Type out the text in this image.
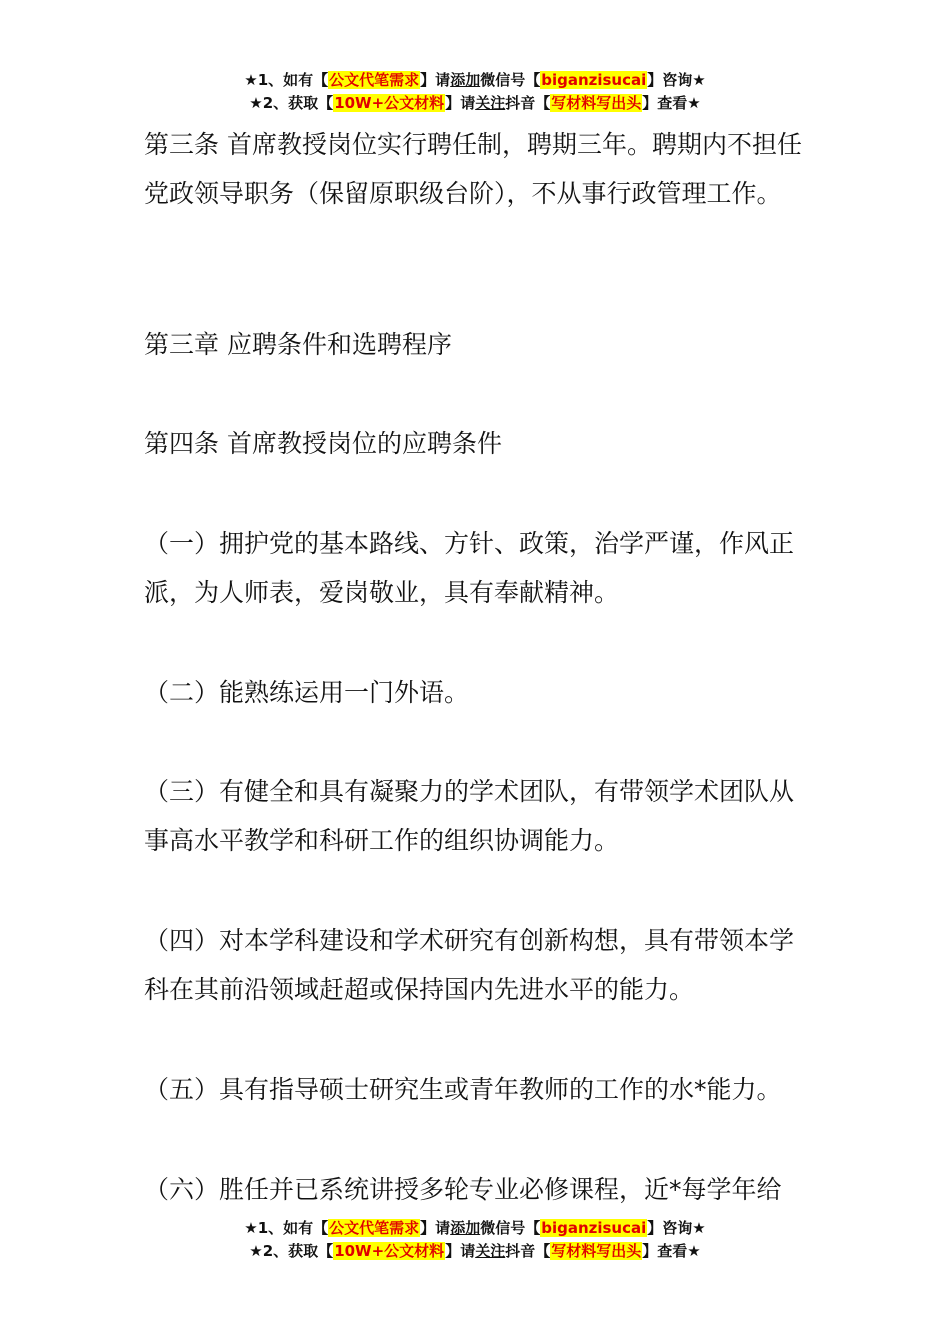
★1、如有【公文代笔需求】请添加微信号【biganzisucai】咨询★
★2、获取【10W+公文材料】请关注抖音【写材料写出头】查看★

第三条 首席教授岗位实行聘任制，聘期三年。聘期内不担任党政领导职务（保留原职级台阶），不从事行政管理工作。

第三章 应聘条件和选聘程序

第四条 首席教授岗位的应聘条件

（一）拥护党的基本路线、方针、政策，治学严谨，作风正派，为人师表，爱岗敬业，具有奉献精神。

（二）能熟练运用一门外语。

（三）有健全和具有凝聚力的学术团队，有带领学术团队从事高水平教学和科研工作的组织协调能力。

（四）对本学科建设和学术研究有创新构想，具有带领本学科在其前沿领域赶超或保持国内先进水平的能力。

（五）具有指导硕士研究生或青年教师的工作的水*能力。

（六）胜任并已系统讲授多轮专业必修课程，近*每学年给

★1、如有【公文代笔需求】请添加微信号【biganzisucai】咨询★
★2、获取【10W+公文材料】请关注抖音【写材料写出头】查看★
